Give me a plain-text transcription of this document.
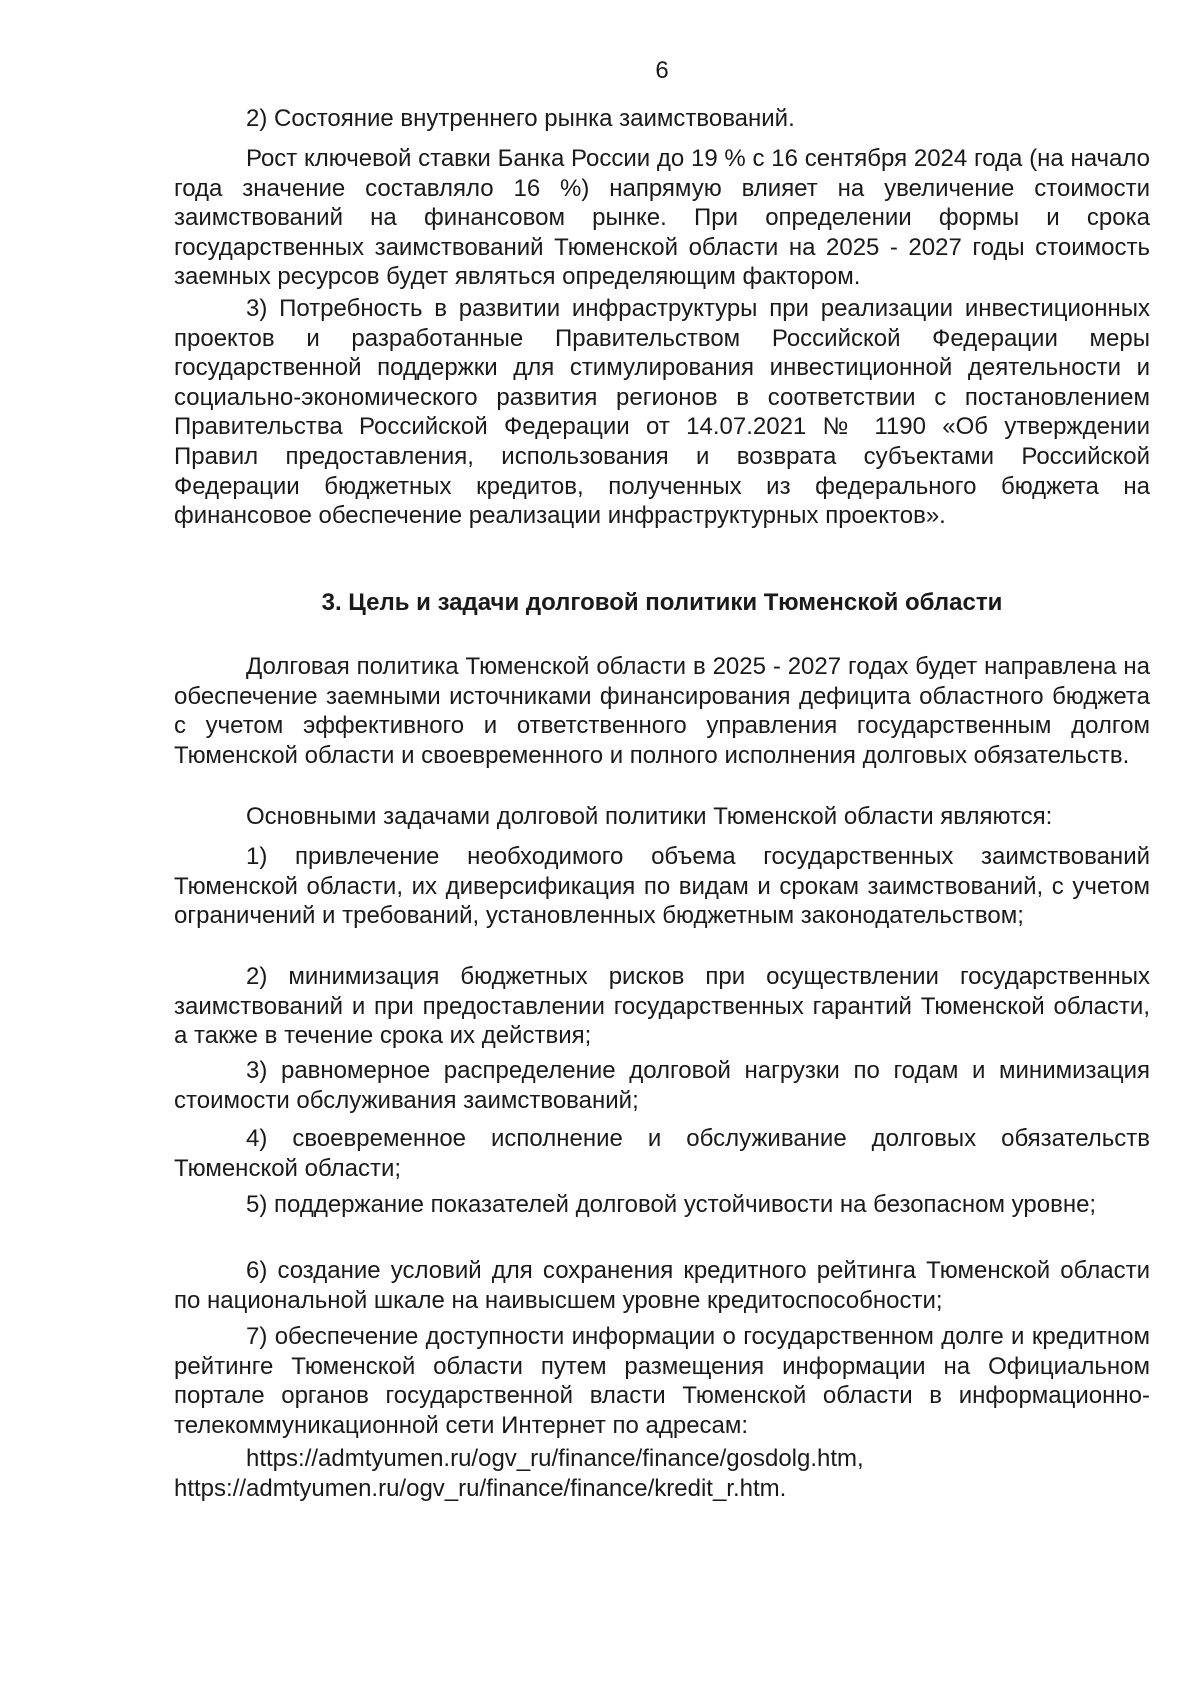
6

2) Состояние внутреннего рынка заимствований.

Рост ключевой ставки Банка России до 19 % с 16 сентября 2024 года (на начало года значение составляло 16 %) напрямую влияет на увеличение стоимости заимствований на финансовом рынке. При определении формы и срока государственных заимствований Тюменской области на 2025 - 2027 годы стоимость заемных ресурсов будет являться определяющим фактором.

3) Потребность в развитии инфраструктуры при реализации инвестиционных проектов и разработанные Правительством Российской Федерации меры государственной поддержки для стимулирования инвестиционной деятельности и социально-экономического развития регионов в соответствии с постановлением Правительства Российской Федерации от 14.07.2021 № 1190 «Об утверждении Правил предоставления, использования и возврата субъектами Российской Федерации бюджетных кредитов, полученных из федерального бюджета на финансовое обеспечение реализации инфраструктурных проектов».

3. Цель и задачи долговой политики Тюменской области

Долговая политика Тюменской области в 2025 - 2027 годах будет направлена на обеспечение заемными источниками финансирования дефицита областного бюджета с учетом эффективного и ответственного управления государственным долгом Тюменской области и своевременного и полного исполнения долговых обязательств.

Основными задачами долговой политики Тюменской области являются:

1) привлечение необходимого объема государственных заимствований Тюменской области, их диверсификация по видам и срокам заимствований, с учетом ограничений и требований, установленных бюджетным законодательством;

2) минимизация бюджетных рисков при осуществлении государственных заимствований и при предоставлении государственных гарантий Тюменской области, а также в течение срока их действия;

3) равномерное распределение долговой нагрузки по годам и минимизация стоимости обслуживания заимствований;

4) своевременное исполнение и обслуживание долговых обязательств Тюменской области;

5) поддержание показателей долговой устойчивости на безопасном уровне;

6) создание условий для сохранения кредитного рейтинга Тюменской области по национальной шкале на наивысшем уровне кредитоспособности;

7) обеспечение доступности информации о государственном долге и кредитном рейтинге Тюменской области путем размещения информации на Официальном портале органов государственной власти Тюменской области в информационно-телекоммуникационной сети Интернет по адресам:

https://admtyumen.ru/ogv_ru/finance/finance/gosdolg.htm,
https://admtyumen.ru/ogv_ru/finance/finance/kredit_r.htm.
